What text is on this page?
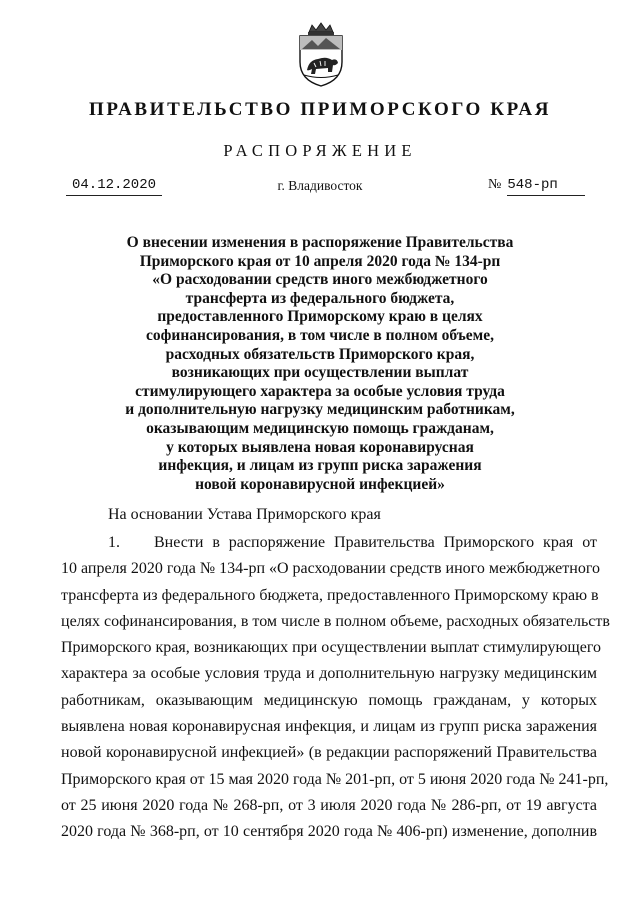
ПРАВИТЕЛЬСТВО ПРИМОРСКОГО КРАЯ
РАСПОРЯЖЕНИЕ
04.12.2020	г. Владивосток	№ 548-рп
О внесении изменения в распоряжение Правительства
Приморского края от 10 апреля 2020 года № 134-рп
«О расходовании средств иного межбюджетного
трансферта из федерального бюджета,
предоставленного Приморскому краю в целях
софинансирования, в том числе в полном объеме,
расходных обязательств Приморского края,
возникающих при осуществлении выплат
стимулирующего характера за особые условия труда
и дополнительную нагрузку медицинским работникам,
оказывающим медицинскую помощь гражданам,
у которых выявлена новая коронавирусная
инфекция, и лицам из групп риска заражения
новой коронавирусной инфекцией»
На основании Устава Приморского края
1. Внести в распоряжение Правительства Приморского края от
10 апреля 2020 года № 134-рп «О расходовании средств иного межбюджетного
трансферта из федерального бюджета, предоставленного Приморскому краю в
целях софинансирования, в том числе в полном объеме, расходных обязательств
Приморского края, возникающих при осуществлении выплат стимулирующего
характера за особые условия труда и дополнительную нагрузку медицинским
работникам, оказывающим медицинскую помощь гражданам, у которых
выявлена новая коронавирусная инфекция, и лицам из групп риска заражения
новой коронавирусной инфекцией» (в редакции распоряжений Правительства
Приморского края от 15 мая 2020 года № 201-рп, от 5 июня 2020 года № 241-рп,
от 25 июня 2020 года № 268-рп, от 3 июля 2020 года № 286-рп, от 19 августа
2020 года № 368-рп, от 10 сентября 2020 года № 406-рп) изменение, дополнив
